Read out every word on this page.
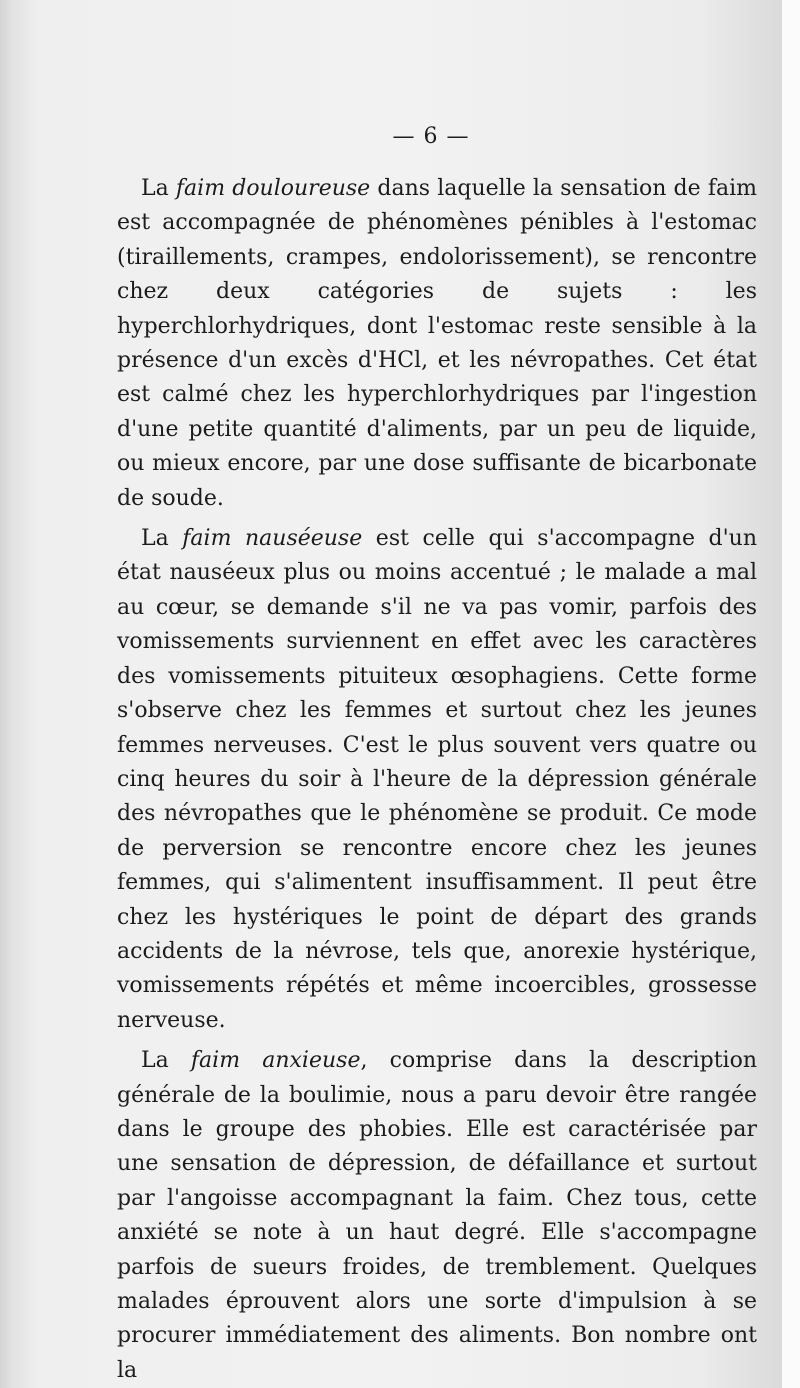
— 6 —

La faim douloureuse dans laquelle la sensation de faim est accompagnée de phénomènes pénibles à l'estomac (tiraillements, crampes, endolorissement), se rencontre chez deux catégories de sujets : les hyperchlorhydriques, dont l'estomac reste sensible à la présence d'un excès d'HCl, et les névropathes. Cet état est calmé chez les hyperchlorhydriques par l'ingestion d'une petite quantité d'aliments, par un peu de liquide, ou mieux encore, par une dose suffisante de bicarbonate de soude.

La faim nauséeuse est celle qui s'accompagne d'un état nauséeux plus ou moins accentué ; le malade a mal au cœur, se demande s'il ne va pas vomir, parfois des vomissements surviennent en effet avec les caractères des vomissements pituiteux œsophagiens. Cette forme s'observe chez les femmes et surtout chez les jeunes femmes nerveuses. C'est le plus souvent vers quatre ou cinq heures du soir à l'heure de la dépression générale des névropathes que le phénomène se produit. Ce mode de perversion se rencontre encore chez les jeunes femmes, qui s'alimentent insuffisamment. Il peut être chez les hystériques le point de départ des grands accidents de la névrose, tels que, anorexie hystérique, vomissements répétés et même incoercibles, grossesse nerveuse.

La faim anxieuse, comprise dans la description générale de la boulimie, nous a paru devoir être rangée dans le groupe des phobies. Elle est caractérisée par une sensation de dépression, de défaillance et surtout par l'angoisse accompagnant la faim. Chez tous, cette anxiété se note à un haut degré. Elle s'accompagne parfois de sueurs froides, de tremblement. Quelques malades éprouvent alors une sorte d'impulsion à se procurer immédiatement des aliments. Bon nombre ont la
